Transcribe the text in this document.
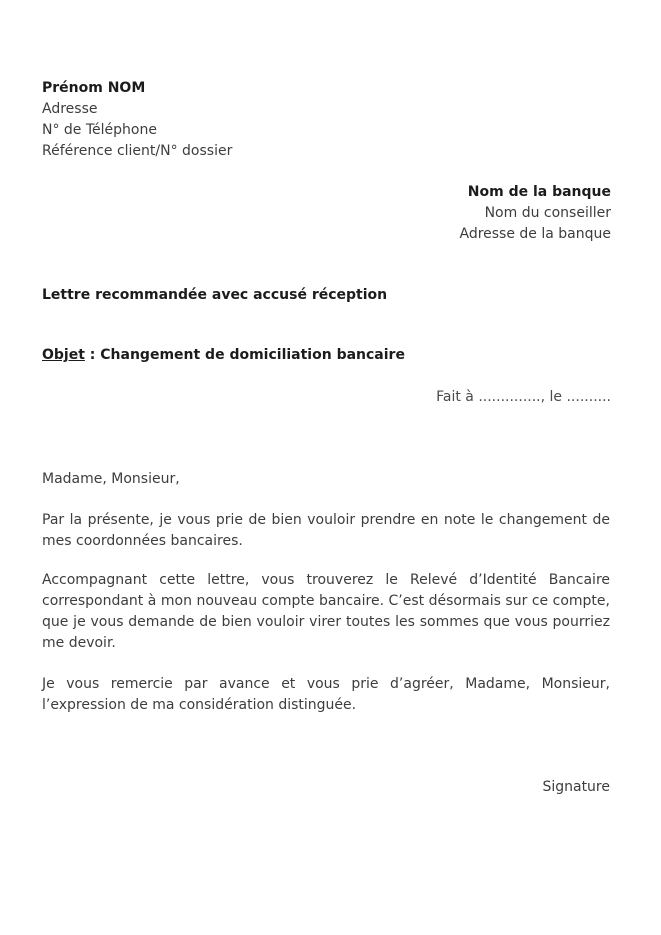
Prénom NOM
Adresse
N° de Téléphone
Référence client/N° dossier
Nom de la banque
Nom du conseiller
Adresse de la banque
Lettre recommandée avec accusé réception
Objet : Changement de domiciliation bancaire
Fait à .............., le ..........
Madame, Monsieur,
Par la présente, je vous prie de bien vouloir prendre en note le changement de mes coordonnées bancaires.
Accompagnant cette lettre, vous trouverez le Relevé d’Identité Bancaire correspondant à mon nouveau compte bancaire. C’est désormais sur ce compte, que je vous demande de bien vouloir virer toutes les sommes que vous pourriez me devoir.
Je vous remercie par avance et vous prie d’agréer, Madame, Monsieur, l’expression de ma considération distinguée.
Signature
